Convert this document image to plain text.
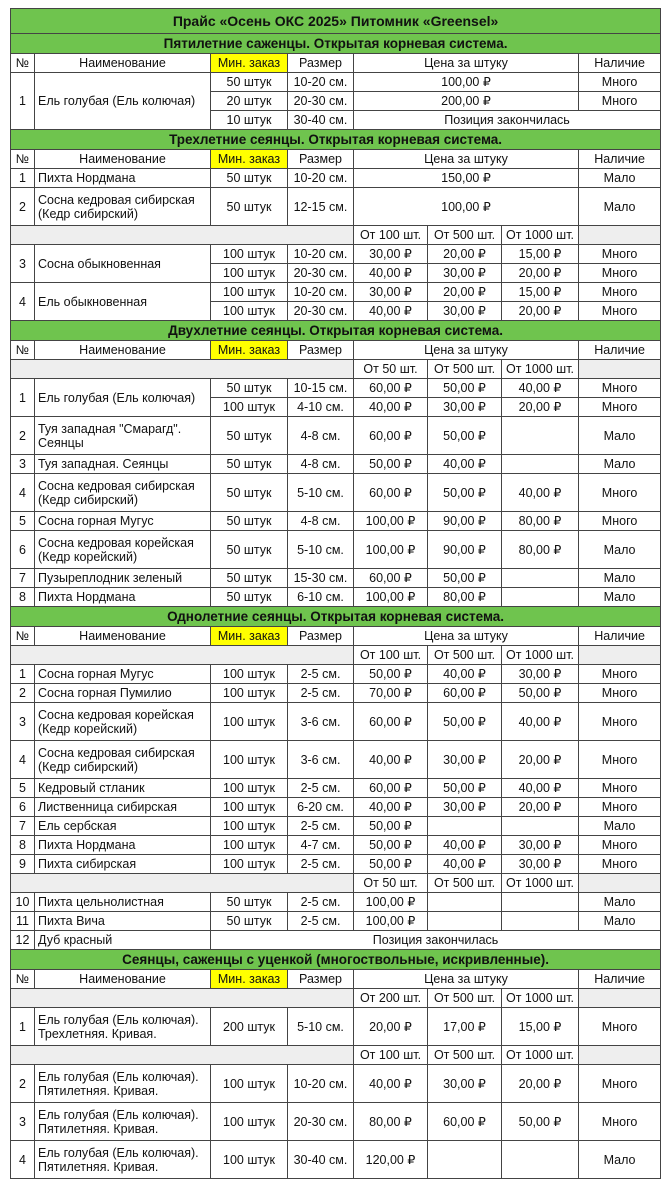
Прайс «Осень ОКС 2025» Питомник «Greensel»							
Пятилетние саженцы. Открытая корневая система.							
№	Наименование	Мин. заказ	Размер	Цена за штуку			Наличие
1	Ель голубая (Ель колючая)	50 штук	10-20 см.	100,00 ₽			Много
		20 штук	20-30 см.	200,00 ₽			Много
		10 штук	30-40 см.	Позиция закончилась			
Трехлетние сеянцы. Открытая корневая система.							
№	Наименование	Мин. заказ	Размер	Цена за штуку			Наличие
1	Пихта Нордмана	50 штук	10-20 см.	150,00 ₽			Мало
2	Сосна кедровая сибирская (Кедр сибирский)	50 штук	12-15 см.	100,00 ₽			Мало
				От 100 шт.	От 500 шт.	От 1000 шт.	
3	Сосна обыкновенная	100 штук	10-20 см.	30,00 ₽	20,00 ₽	15,00 ₽	Много
		100 штук	20-30 см.	40,00 ₽	30,00 ₽	20,00 ₽	Много
4	Ель обыкновенная	100 штук	10-20 см.	30,00 ₽	20,00 ₽	15,00 ₽	Много
		100 штук	20-30 см.	40,00 ₽	30,00 ₽	20,00 ₽	Много
Двухлетние сеянцы. Открытая корневая система.							
№	Наименование	Мин. заказ	Размер	Цена за штуку			Наличие
				От 50 шт.	От 500 шт.	От 1000 шт.	
1	Ель голубая (Ель колючая)	50 штук	10-15 см.	60,00 ₽	50,00 ₽	40,00 ₽	Много
		100 штук	4-10 см.	40,00 ₽	30,00 ₽	20,00 ₽	Много
2	Туя западная "Смарагд". Сеянцы	50 штук	4-8 см.	60,00 ₽	50,00 ₽		Мало
3	Туя западная. Сеянцы	50 штук	4-8 см.	50,00 ₽	40,00 ₽		Мало
4	Сосна кедровая сибирская (Кедр сибирский)	50 штук	5-10 см.	60,00 ₽	50,00 ₽	40,00 ₽	Много
5	Сосна горная Мугус	50 штук	4-8 см.	100,00 ₽	90,00 ₽	80,00 ₽	Много
6	Сосна кедровая корейская (Кедр корейский)	50 штук	5-10 см.	100,00 ₽	90,00 ₽	80,00 ₽	Мало
7	Пузыреплодник зеленый	50 штук	15-30 см.	60,00 ₽	50,00 ₽		Мало
8	Пихта Нордмана	50 штук	6-10 см.	100,00 ₽	80,00 ₽		Мало
Однолетние сеянцы. Открытая корневая система.							
№	Наименование	Мин. заказ	Размер	Цена за штуку			Наличие
				От 100 шт.	От 500 шт.	От 1000 шт.	
1	Сосна горная Мугус	100 штук	2-5 см.	50,00 ₽	40,00 ₽	30,00 ₽	Много
2	Сосна горная Пумилио	100 штук	2-5 см.	70,00 ₽	60,00 ₽	50,00 ₽	Много
3	Сосна кедровая корейская (Кедр корейский)	100 штук	3-6 см.	60,00 ₽	50,00 ₽	40,00 ₽	Много
4	Сосна кедровая сибирская (Кедр сибирский)	100 штук	3-6 см.	40,00 ₽	30,00 ₽	20,00 ₽	Много
5	Кедровый стланик	100 штук	2-5 см.	60,00 ₽	50,00 ₽	40,00 ₽	Много
6	Лиственница сибирская	100 штук	6-20 см.	40,00 ₽	30,00 ₽	20,00 ₽	Много
7	Ель сербская	100 штук	2-5 см.	50,00 ₽			Мало
8	Пихта Нордмана	100 штук	4-7 см.	50,00 ₽	40,00 ₽	30,00 ₽	Много
9	Пихта сибирская	100 штук	2-5 см.	50,00 ₽	40,00 ₽	30,00 ₽	Много
				От 50 шт.	От 500 шт.	От 1000 шт.	
10	Пихта цельнолистная	50 штук	2-5 см.	100,00 ₽			Мало
11	Пихта Вича	50 штук	2-5 см.	100,00 ₽			Мало
12	Дуб красный	Позиция закончилась					
Сеянцы, саженцы с уценкой (многоствольные, искривленные).							
№	Наименование	Мин. заказ	Размер	Цена за штуку			Наличие
				От 200 шт.	От 500 шт.	От 1000 шт.	
1	Ель голубая (Ель колючая). Трехлетняя. Кривая.	200 штук	5-10 см.	20,00 ₽	17,00 ₽	15,00 ₽	Много
				От 100 шт.	От 500 шт.	От 1000 шт.	
2	Ель голубая (Ель колючая). Пятилетняя. Кривая.	100 штук	10-20 см.	40,00 ₽	30,00 ₽	20,00 ₽	Много
3	Ель голубая (Ель колючая). Пятилетняя. Кривая.	100 штук	20-30 см.	80,00 ₽	60,00 ₽	50,00 ₽	Много
4	Ель голубая (Ель колючая). Пятилетняя. Кривая.	100 штук	30-40 см.	120,00 ₽			Мало
